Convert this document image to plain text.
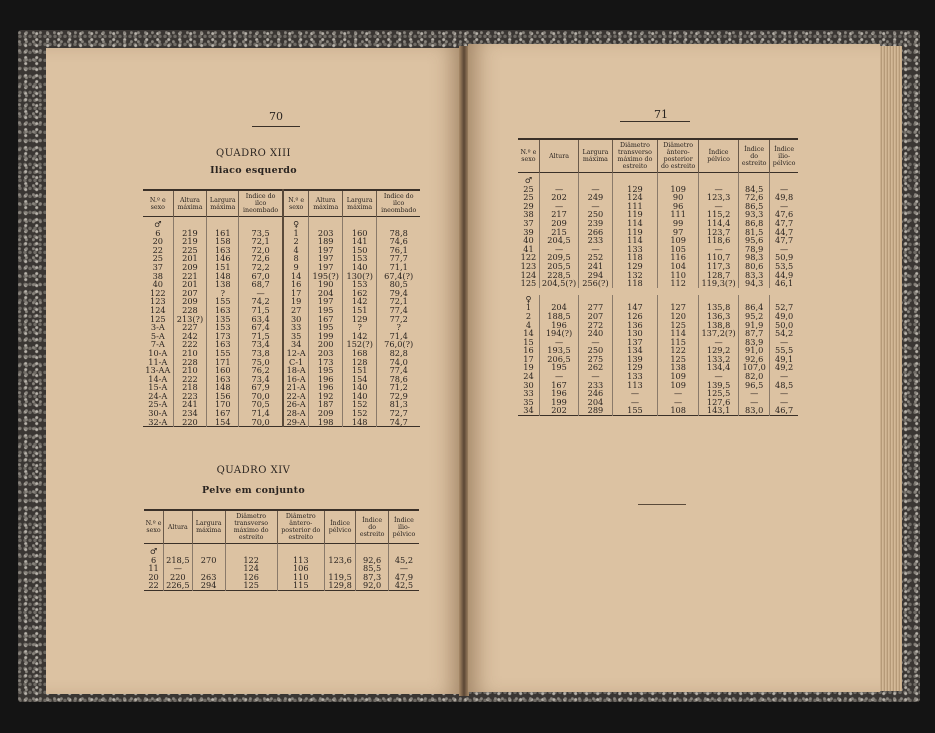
70
QUADRO XIII
Iliaco esquerdo
N.º e sexo	Altura máxima	Largura máxima	Indice do ilco ineombado	N.º e sexo	Altura máxima	Largura máxima	Indice do ilco ineombado
♂				♀			
6	219	161	73,5	1	203	160	78,8
20	219	158	72,1	2	189	141	74,6
22	225	163	72,0	4	197	150	76,1
25	201	146	72,6	8	197	153	77,7
37	209	151	72,2	9	197	140	71,1
38	221	148	67,0	14	195(?)	130(?)	67,4(?)
40	201	138	68,7	16	190	153	80,5
122	207	?	—	17	204	162	79,4
123	209	155	74,2	19	197	142	72,1
124	228	163	71,5	27	195	151	77,4
125	213(?)	135	63,4	30	167	129	77,2
3-A	227	153	67,4	33	195	?	?
5-A	242	173	71,5	35	199	142	71,4
7-A	222	163	73,4	34	200	152(?)	76,0(?)
10-A	210	155	73,8	12-A	203	168	82,8
11-A	228	171	75,0	C-1	173	128	74,0
13-AA	210	160	76,2	18-A	195	151	77,4
14-A	222	163	73,4	16-A	196	154	78,6
15-A	218	148	67,9	21-A	196	140	71,2
24-A	223	156	70,0	22-A	192	140	72,9
25-A	241	170	70,5	26-A	187	152	81,3
30-A	234	167	71,4	28-A	209	152	72,7
32-A	220	154	70,0	29-A	198	148	74,7
QUADRO XIV
Pelve em conjunto
N.º e sexo	Altura	Largura máxima	Diâmetro transverso máximo do estreito	Diâmetro ântero-posterior do estreito	Índice pélvico	Índice do estreito	Índice ilio-pélvico
♂							
6	218,5	270	122	113	123,6	92,6	45,2
11	—		124	106		85,5	—
20	220	263	126	110	119,5	87,3	47,9
22	226,5	294	125	115	129,8	92,0	42,5
71
N.º e sexo	Altura	Largura máxima	Diâmetro transverso máximo do estreito	Diâmetro ântero-posterior do estreito	Índice pélvico	Índice do estreito	Índice ilio-pélvico
♂							
25	—	—	129	109	—	84,5	—
25	202	249	124	90	123,3	72,6	49,8
29	—	—	111	96	—	86,5	—
38	217	250	119	111	115,2	93,3	47,6
37	209	239	114	99	114,4	86,8	47,7
39	215	266	119	97	123,7	81,5	44,7
40	204,5	233	114	109	118,6	95,6	47,7
41	—	—	133	105	—	78,9	—
122	209,5	252	118	116	110,7	98,3	50,9
123	205,5	241	129	104	117,3	80,6	53,5
124	228,5	294	132	110	128,7	83,3	44,9
125	204,5(?)	256(?)	118	112	119,3(?)	94,3	46,1

♀							
1	204	277	147	127	135,8	86,4	52,7
2	188,5	207	126	120	136,3	95,2	49,0
4	196	272	136	125	138,8	91,9	50,0
14	194(?)	240	130	114	137,2(?)	87,7	54,2
15	—	—	137	115	—	83,9	—
16	193,5	250	134	122	129,2	91,0	55,5
17	206,5	275	139	125	133,2	92,6	49,1
19	195	262	129	138	134,4	107,0	49,2
24	—	—	133	109	—	82,0	—
30	167	233	113	109	139,5	96,5	48,5
33	196	246	—	—	125,5	—	—
35	199	204	—	—	127,6	—	—
34	202	289	155	108	143,1	83,0	46,7
